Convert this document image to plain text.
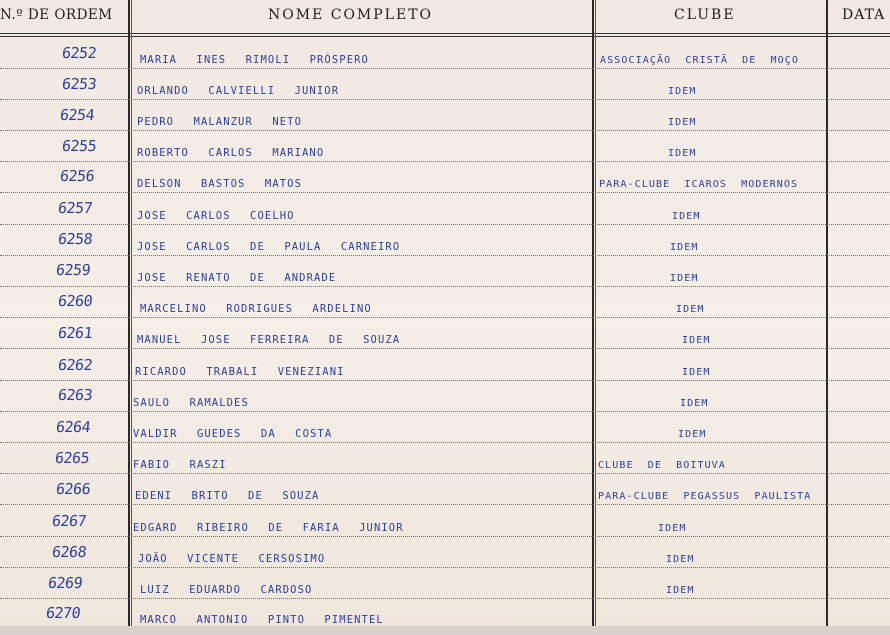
N.º DE ORDEM	NOME COMPLETO	CLUBE	DATA
6252	MARIA INES RIMOLI PRÓSPERO	ASSOCIAÇÃO CRISTÃ DE MOÇO
6253	ORLANDO CALVIELLI JUNIOR	IDEM
6254	PEDRO MALANZUR NETO	IDEM
6255	ROBERTO CARLOS MARIANO	IDEM
6256	DELSON BASTOS MATOS	PARA-CLUBE ICAROS MODERNOS
6257	JOSE CARLOS COELHO	IDEM
6258	JOSE CARLOS DE PAULA CARNEIRO	IDEM
6259	JOSE RENATO DE ANDRADE	IDEM
6260	MARCELINO RODRIGUES ARDELINO	IDEM
6261	MANUEL JOSE FERREIRA DE SOUZA	IDEM
6262	RICARDO TRABALI VENEZIANI	IDEM
6263	SAULO RAMALDES	IDEM
6264	VALDIR GUEDES DA COSTA	IDEM
6265	FABIO RASZI	CLUBE DE BOITUVA
6266	EDENI BRITO DE SOUZA	PARA-CLUBE PEGASSUS PAULISTA
6267	EDGARD RIBEIRO DE FARIA JUNIOR	IDEM
6268	JOÃO VICENTE CERSOSIMO	IDEM
6269	LUIZ EDUARDO CARDOSO	IDEM
6270	MARCO ANTONIO PINTO PIMENTEL
